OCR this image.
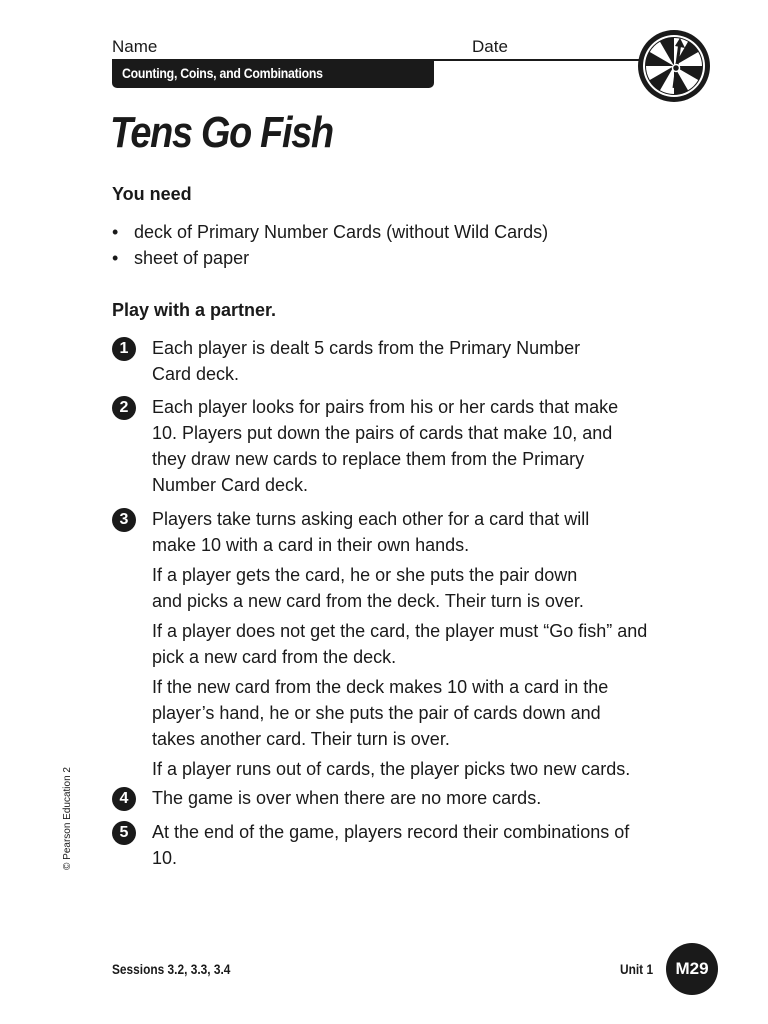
Name	Date
Counting, Coins, and Combinations
Tens Go Fish
You need
• deck of Primary Number Cards (without Wild Cards)
• sheet of paper
Play with a partner.
1	Each player is dealt 5 cards from the Primary Number Card deck.
2	Each player looks for pairs from his or her cards that make 10. Players put down the pairs of cards that make 10, and they draw new cards to replace them from the Primary Number Card deck.
3	Players take turns asking each other for a card that will make 10 with a card in their own hands.
If a player gets the card, he or she puts the pair down and picks a new card from the deck. Their turn is over.
If a player does not get the card, the player must “Go fish” and pick a new card from the deck.
If the new card from the deck makes 10 with a card in the player’s hand, he or she puts the pair of cards down and takes another card. Their turn is over.
If a player runs out of cards, the player picks two new cards.
4	The game is over when there are no more cards.
5	At the end of the game, players record their combinations of 10.
© Pearson Education 2
Sessions 3.2, 3.3, 3.4	Unit 1	M29
